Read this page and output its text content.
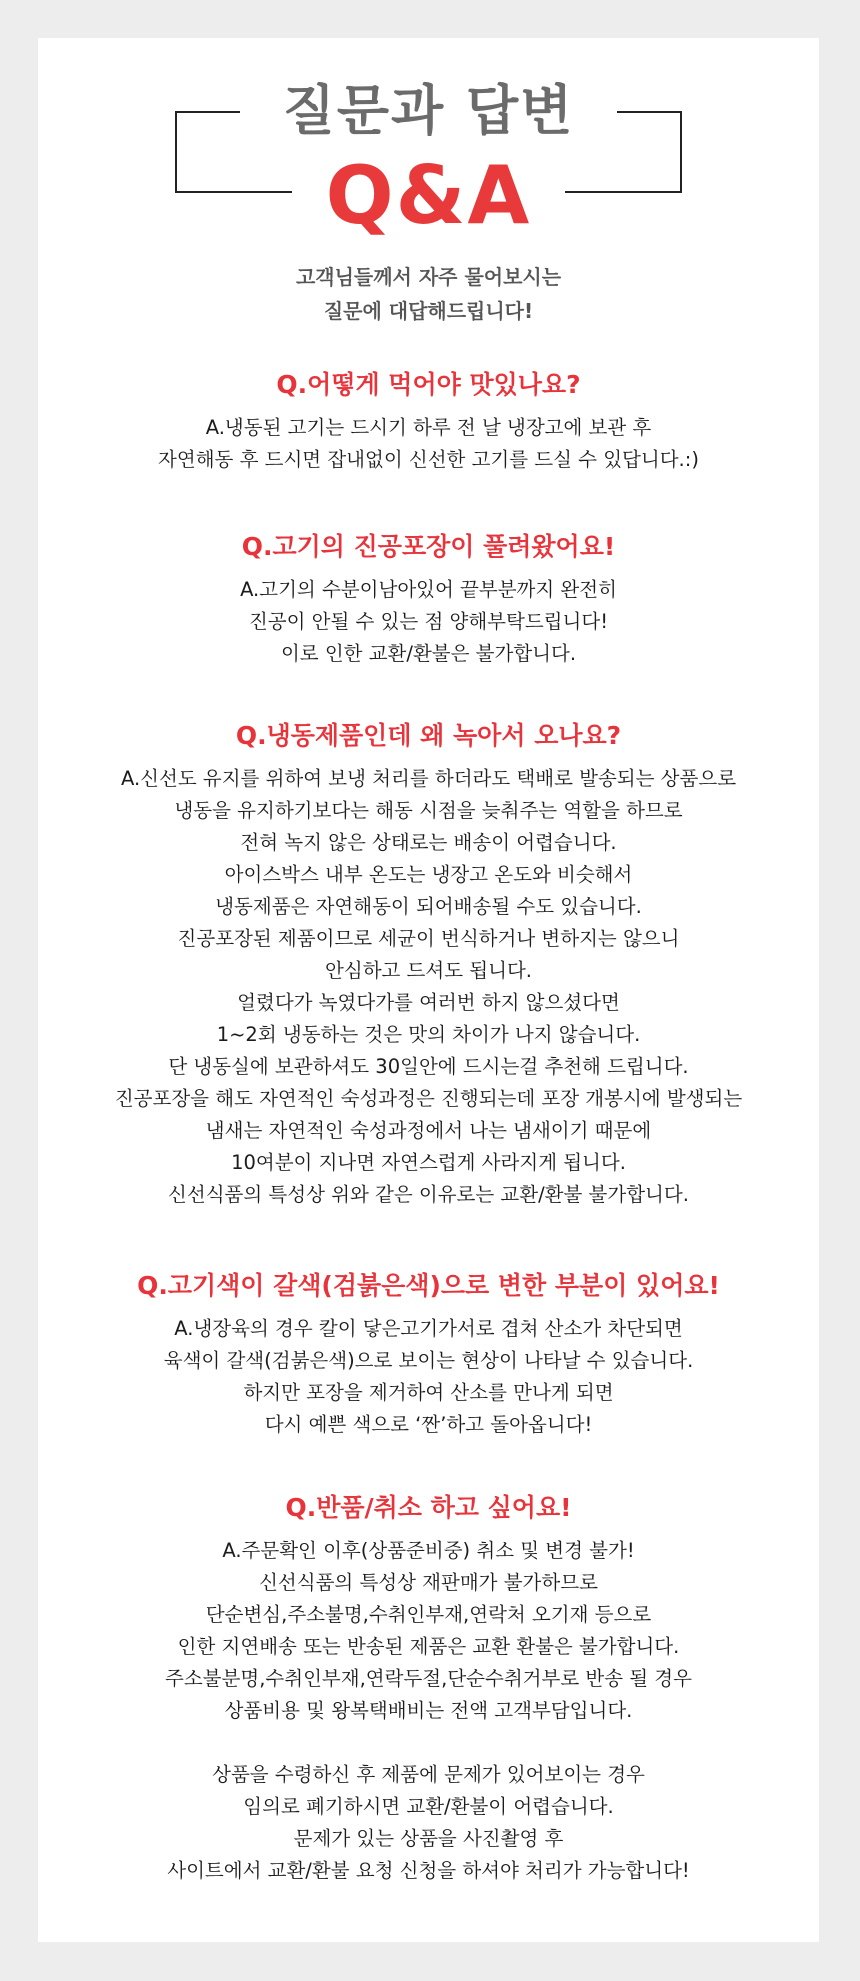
질문과 답변
Q&A
고객님들께서 자주 물어보시는
질문에 대답해드립니다!
Q.어떻게 먹어야 맛있나요?
A.냉동된 고기는 드시기 하루 전 날 냉장고에 보관 후
자연해동 후 드시면 잡내없이 신선한 고기를 드실 수 있답니다.:)
Q.고기의 진공포장이 풀려왔어요!
A.고기의 수분이남아있어 끝부분까지 완전히
진공이 안될 수 있는 점 양해부탁드립니다!
이로 인한 교환/환불은 불가합니다.
Q.냉동제품인데 왜 녹아서 오나요?
A.신선도 유지를 위하여 보냉 처리를 하더라도 택배로 발송되는 상품으로
냉동을 유지하기보다는 해동 시점을 늦춰주는 역할을 하므로
전혀 녹지 않은 상태로는 배송이 어렵습니다.
아이스박스 내부 온도는 냉장고 온도와 비슷해서
냉동제품은 자연해동이 되어배송될 수도 있습니다.
진공포장된 제품이므로 세균이 번식하거나 변하지는 않으니
안심하고 드셔도 됩니다.
얼렸다가 녹였다가를 여러번 하지 않으셨다면
1~2회 냉동하는 것은 맛의 차이가 나지 않습니다.
단 냉동실에 보관하셔도 30일안에 드시는걸 추천해 드립니다.
진공포장을 해도 자연적인 숙성과정은 진행되는데 포장 개봉시에 발생되는
냄새는 자연적인 숙성과정에서 나는 냄새이기 때문에
10여분이 지나면 자연스럽게 사라지게 됩니다.
신선식품의 특성상 위와 같은 이유로는 교환/환불 불가합니다.
Q.고기색이 갈색(검붉은색)으로 변한 부분이 있어요!
A.냉장육의 경우 칼이 닿은고기가서로 겹쳐 산소가 차단되면
육색이 갈색(검붉은색)으로 보이는 현상이 나타날 수 있습니다.
하지만 포장을 제거하여 산소를 만나게 되면
다시 예쁜 색으로 ‘짠’하고 돌아옵니다!
Q.반품/취소 하고 싶어요!
A.주문확인 이후(상품준비중) 취소 및 변경 불가!
신선식품의 특성상 재판매가 불가하므로
단순변심,주소불명,수취인부재,연락처 오기재 등으로
인한 지연배송 또는 반송된 제품은 교환 환불은 불가합니다.
주소불분명,수취인부재,연락두절,단순수취거부로 반송 될 경우
상품비용 및 왕복택배비는 전액 고객부담입니다.
상품을 수령하신 후 제품에 문제가 있어보이는 경우
임의로 폐기하시면 교환/환불이 어렵습니다.
문제가 있는 상품을 사진촬영 후
사이트에서 교환/환불 요청 신청을 하셔야 처리가 가능합니다!
